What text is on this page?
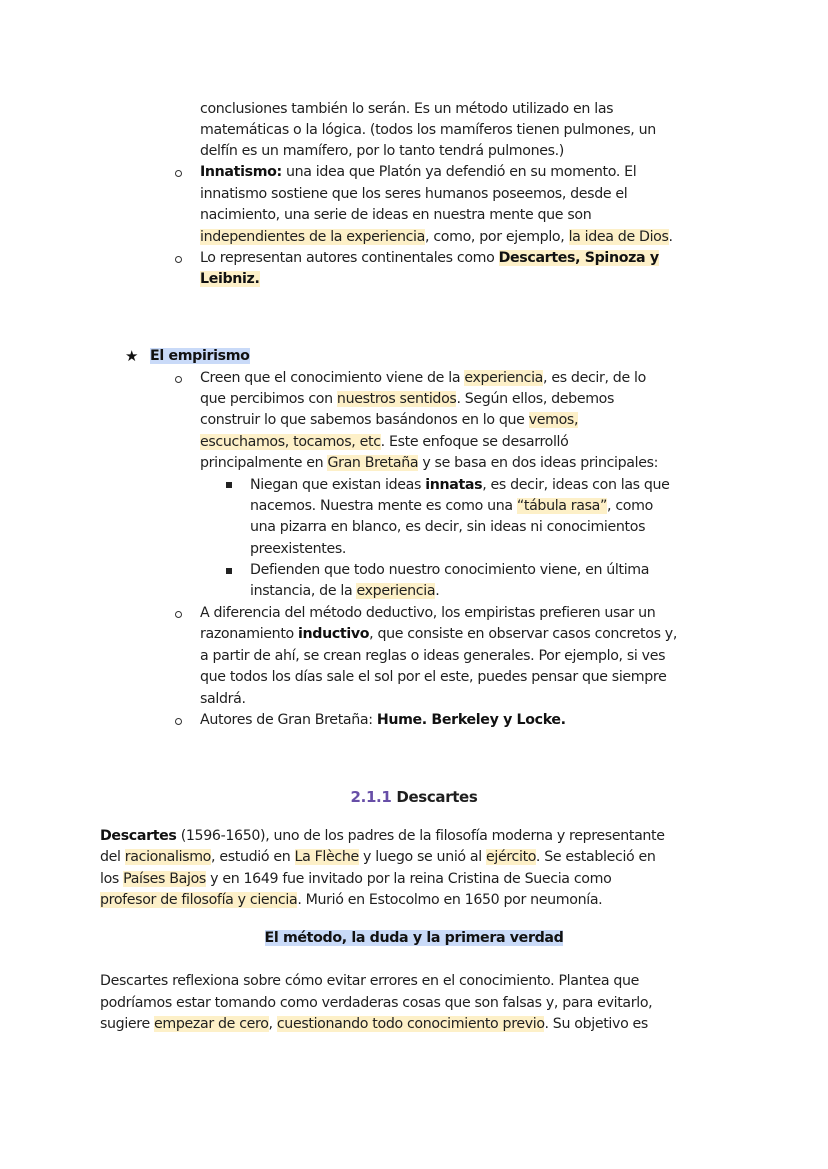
conclusiones también lo serán. Es un método utilizado en las
matemáticas o la lógica. (todos los mamíferos tienen pulmones, un
delfín es un mamífero, por lo tanto tendrá pulmones.)
Innatismo: una idea que Platón ya defendió en su momento. El
innatismo sostiene que los seres humanos poseemos, desde el
nacimiento, una serie de ideas en nuestra mente que son
independientes de la experiencia, como, por ejemplo, la idea de Dios.
Lo representan autores continentales como Descartes, Spinoza y
Leibniz.
★ El empirismo
Creen que el conocimiento viene de la experiencia, es decir, de lo
que percibimos con nuestros sentidos. Según ellos, debemos
construir lo que sabemos basándonos en lo que vemos,
escuchamos, tocamos, etc. Este enfoque se desarrolló
principalmente en Gran Bretaña y se basa en dos ideas principales:
Niegan que existan ideas innatas, es decir, ideas con las que
nacemos. Nuestra mente es como una “tábula rasa”, como
una pizarra en blanco, es decir, sin ideas ni conocimientos
preexistentes.
Defienden que todo nuestro conocimiento viene, en última
instancia, de la experiencia.
A diferencia del método deductivo, los empiristas prefieren usar un
razonamiento inductivo, que consiste en observar casos concretos y,
a partir de ahí, se crean reglas o ideas generales. Por ejemplo, si ves
que todos los días sale el sol por el este, puedes pensar que siempre
saldrá.
Autores de Gran Bretaña: Hume. Berkeley y Locke.
2.1.1 Descartes
Descartes (1596-1650), uno de los padres de la filosofía moderna y representante
del racionalismo, estudió en La Flèche y luego se unió al ejército. Se estableció en
los Países Bajos y en 1649 fue invitado por la reina Cristina de Suecia como
profesor de filosofía y ciencia. Murió en Estocolmo en 1650 por neumonía.
El método, la duda y la primera verdad
Descartes reflexiona sobre cómo evitar errores en el conocimiento. Plantea que
podríamos estar tomando como verdaderas cosas que son falsas y, para evitarlo,
sugiere empezar de cero, cuestionando todo conocimiento previo. Su objetivo es
